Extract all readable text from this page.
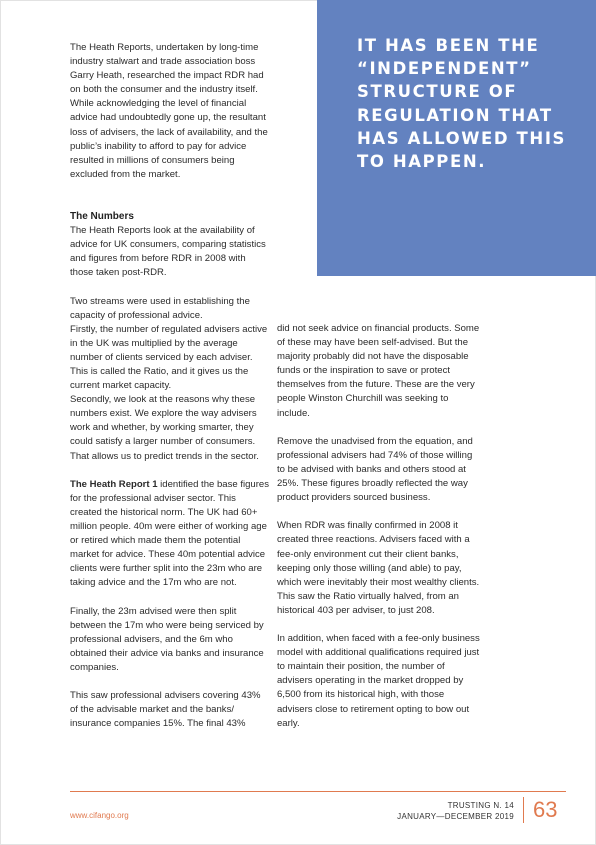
IT HAS BEEN THE

“INDEPENDENT”

STRUCTURE OF

REGULATION THAT

HAS ALLOWED THIS

TO HAPPEN.

The Heath Reports, undertaken by long-time industry stalwart and trade association boss Garry Heath, researched the impact RDR had on both the consumer and the industry itself. While acknowledging the level of financial advice had undoubtedly gone up, the resultant loss of advisers, the lack of availability, and the public’s inability to afford to pay for advice resulted in millions of consumers being excluded from the market.

The Numbers

The Heath Reports look at the availability of advice for UK consumers, comparing statistics and figures from before RDR in 2008 with those taken post-RDR.

Two streams were used in establishing the capacity of professional advice.

Firstly, the number of regulated advisers active in the UK was multiplied by the average number of clients serviced by each adviser. This is called the Ratio, and it gives us the current market capacity.

Secondly, we look at the reasons why these numbers exist. We explore the way advisers work and whether, by working smarter, they could satisfy a larger number of consumers. That allows us to predict trends in the sector.

The Heath Report 1 identified the base figures for the professional adviser sector. This created the historical norm. The UK had 60+ million people. 40m were either of working age or retired which made them the potential market for advice. These 40m potential advice clients were further split into the 23m who are taking advice and the 17m who are not.

Finally, the 23m advised were then split between the 17m who were being serviced by professional advisers, and the 6m who obtained their advice via banks and insurance companies.

This saw professional advisers covering 43% of the advisable market and the banks/ insurance companies 15%. The final 43%

did not seek advice on financial products. Some of these may have been self-advised. But the majority probably did not have the disposable funds or the inspiration to save or protect themselves from the future. These are the very people Winston Churchill was seeking to include.

Remove the unadvised from the equation, and professional advisers had 74% of those willing to be advised with banks and others stood at 25%. These figures broadly reflected the way product providers sourced business.

When RDR was finally confirmed in 2008 it created three reactions. Advisers faced with a fee-only environment cut their client banks, keeping only those willing (and able) to pay, which were inevitably their most wealthy clients. This saw the Ratio virtually halved, from an historical 403 per adviser, to just 208.

In addition, when faced with a fee-only business model with additional qualifications required just to maintain their position, the number of advisers operating in the market dropped by 6,500 from its historical high, with those advisers close to retirement opting to bow out early.

www.cifango.org
TRUSTING N. 14
JANUARY—DECEMBER 2019 63
